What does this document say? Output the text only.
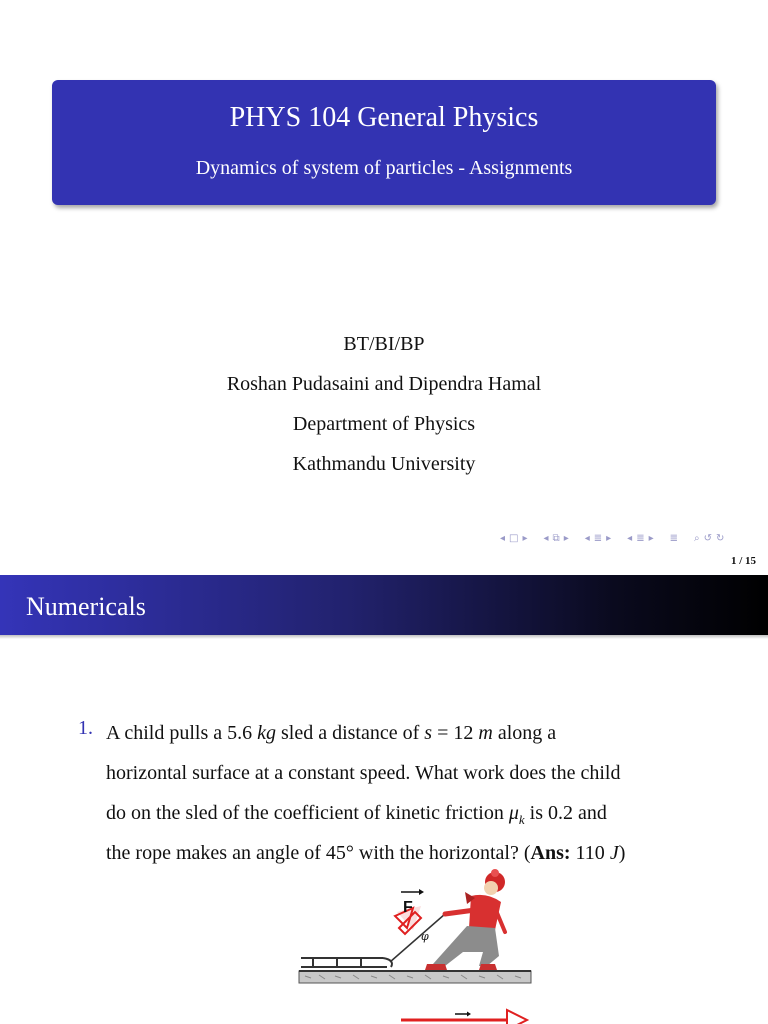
PHYS 104 General Physics
Dynamics of system of particles - Assignments
BT/BI/BP
Roshan Pudasaini and Dipendra Hamal
Department of Physics
Kathmandu University
◂ □ ▸ ◂ ⧉ ▸ ◂ ≣ ▸ ◂ ≣ ▸ ≣ ⌕ ↺ ↻
1 / 15
Numericals
1. A child pulls a 5.6 kg sled a distance of s = 12 m along a
horizontal surface at a constant speed. What work does the child
do on the sled of the coefficient of kinetic friction $\mu_k$ is 0.2 and
the rope makes an angle of 45° with the horizontal? (Ans: 110 J)
F
φ
